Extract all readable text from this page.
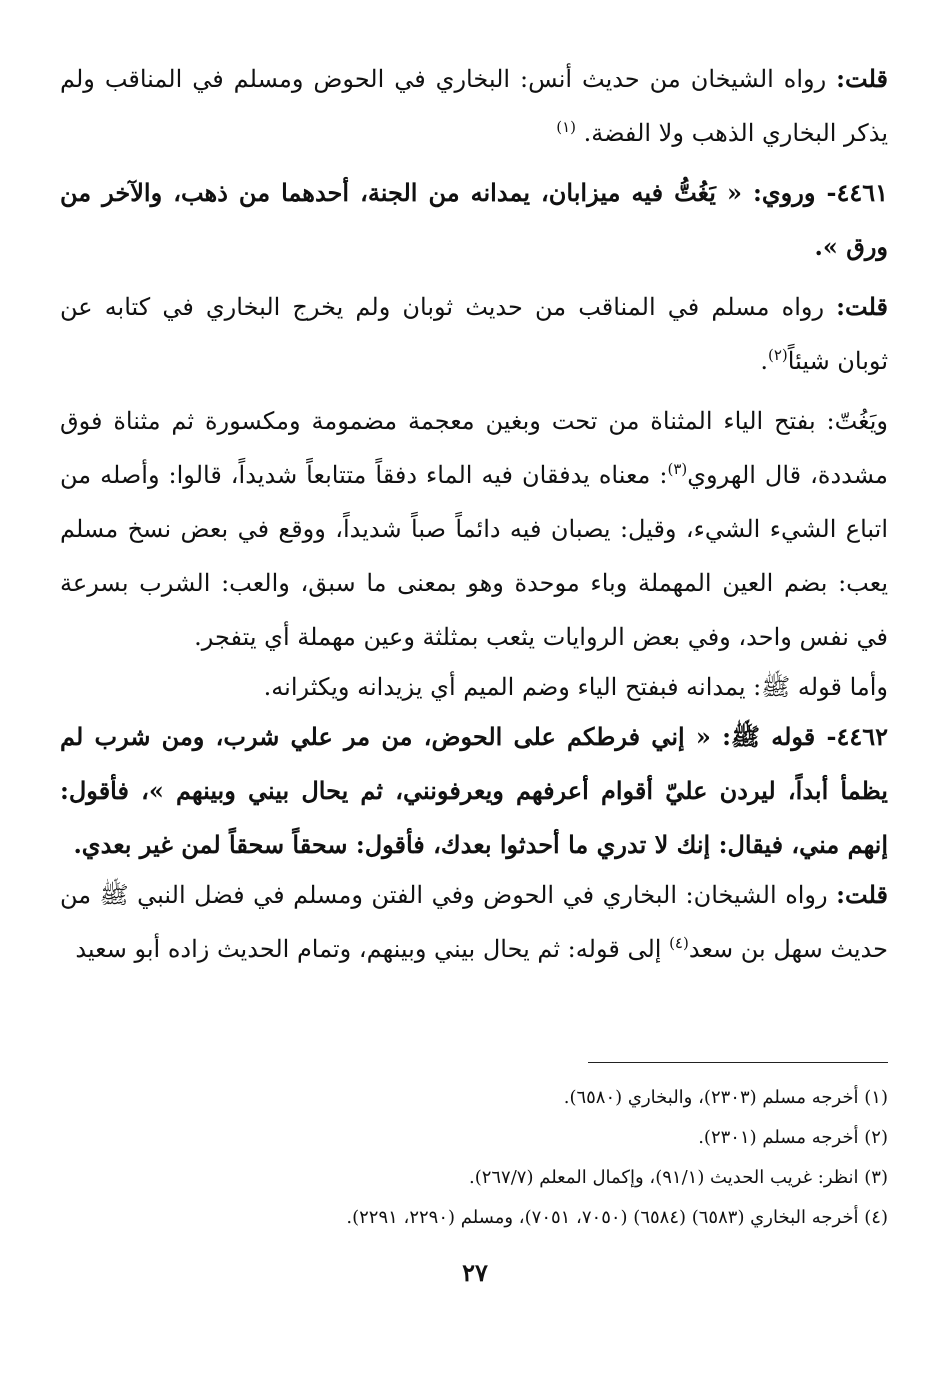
قلت: رواه الشيخان من حديث أنس: البخاري في الحوض ومسلم في المناقب ولم يذكر البخاري الذهب ولا الفضة. $^{(١)}$

٤٤٦١- وروي: « يَغُتُّ فيه ميزابان، يمدانه من الجنة، أحدهما من ذهب، والآخر من ورق ».

قلت: رواه مسلم في المناقب من حديث ثوبان ولم يخرج البخاري في كتابه عن ثوبان شيئاً$^{(٢)}$.

ويَغُتّ: بفتح الياء المثناة من تحت وبغين معجمة مضمومة ومكسورة ثم مثناة فوق مشددة، قال الهروي$^{(٣)}$: معناه يدفقان فيه الماء دفقاً متتابعاً شديداً، قالوا: وأصله من اتباع الشيء الشيء، وقيل: يصبان فيه دائماً صباً شديداً، ووقع في بعض نسخ مسلم يعب: بضم العين المهملة وباء موحدة وهو بمعنى ما سبق، والعب: الشرب بسرعة في نفس واحد، وفي بعض الروايات يثعب بمثلثة وعين مهملة أي يتفجر.

وأما قوله ﷺ: يمدانه فبفتح الياء وضم الميم أي يزيدانه ويكثرانه.

٤٤٦٢- قوله ﷺ: « إني فرطكم على الحوض، من مر علي شرب، ومن شرب لم يظمأ أبداً، ليردن عليّ أقوام أعرفهم ويعرفونني، ثم يحال بيني وبينهم »، فأقول: إنهم مني، فيقال: إنك لا تدري ما أحدثوا بعدك، فأقول: سحقاً سحقاً لمن غير بعدي.

قلت: رواه الشيخان: البخاري في الحوض وفي الفتن ومسلم في فضل النبي ﷺ من حديث سهل بن سعد$^{(٤)}$ إلى قوله: ثم يحال بيني وبينهم، وتمام الحديث زاده أبو سعيد

(١) أخرجه مسلم (٢٣٠٣)، والبخاري (٦٥٨٠).

(٢) أخرجه مسلم (٢٣٠١).

(٣) انظر: غريب الحديث (٩١/١)، وإكمال المعلم (٢٦٧/٧).

(٤) أخرجه البخاري (٦٥٨٣) (٦٥٨٤) (٧٠٥٠، ٧٠٥١)، ومسلم (٢٢٩٠، ٢٢٩١).

٢٧
